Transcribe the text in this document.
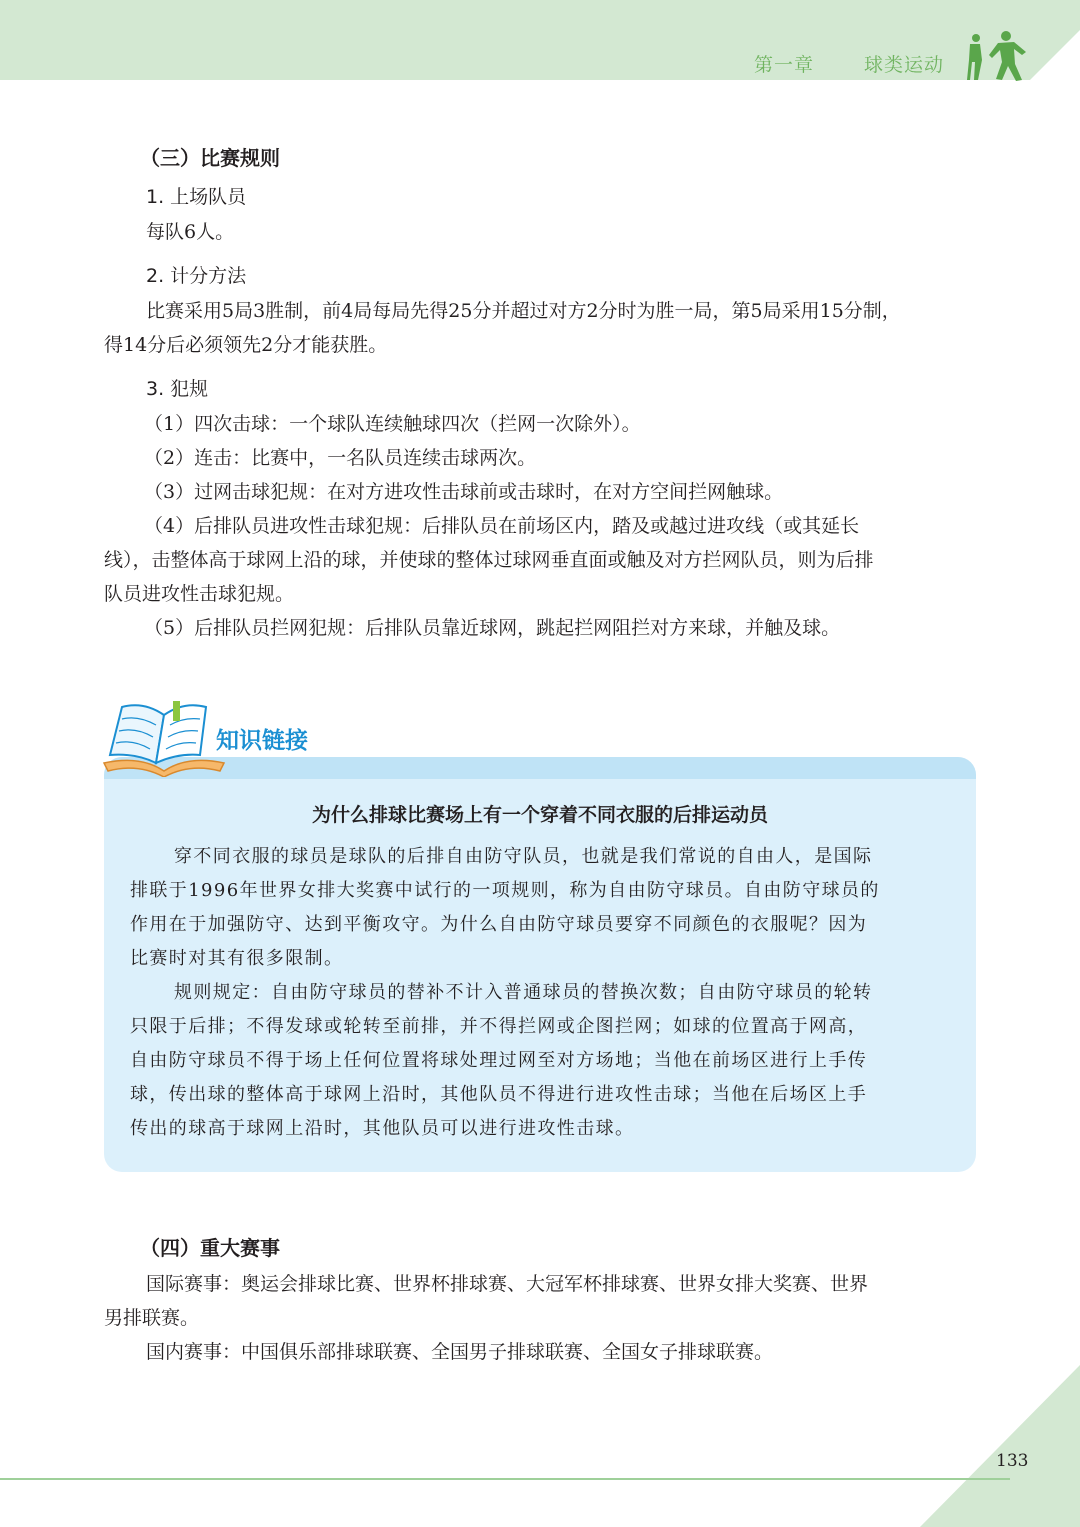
第一章	球类运动
（三）比赛规则
1. 上场队员
每队6人。
2. 计分方法
比赛采用5局3胜制，前4局每局先得25分并超过对方2分时为胜一局，第5局采用15分制，
得14分后必须领先2分才能获胜。
3. 犯规
（1）四次击球：一个球队连续触球四次（拦网一次除外）。
（2）连击：比赛中，一名队员连续击球两次。
（3）过网击球犯规：在对方进攻性击球前或击球时，在对方空间拦网触球。
（4）后排队员进攻性击球犯规：后排队员在前场区内，踏及或越过进攻线（或其延长
线），击整体高于球网上沿的球，并使球的整体过球网垂直面或触及对方拦网队员，则为后排
队员进攻性击球犯规。
（5）后排队员拦网犯规：后排队员靠近球网，跳起拦网阻拦对方来球，并触及球。
知识链接
为什么排球比赛场上有一个穿着不同衣服的后排运动员
穿不同衣服的球员是球队的后排自由防守队员，也就是我们常说的自由人，是国际
排联于1996年世界女排大奖赛中试行的一项规则，称为自由防守球员。自由防守球员的
作用在于加强防守、达到平衡攻守。为什么自由防守球员要穿不同颜色的衣服呢？因为
比赛时对其有很多限制。
规则规定：自由防守球员的替补不计入普通球员的替换次数；自由防守球员的轮转
只限于后排；不得发球或轮转至前排，并不得拦网或企图拦网；如球的位置高于网高，
自由防守球员不得于场上任何位置将球处理过网至对方场地；当他在前场区进行上手传
球，传出球的整体高于球网上沿时，其他队员不得进行进攻性击球；当他在后场区上手
传出的球高于球网上沿时，其他队员可以进行进攻性击球。
（四）重大赛事
国际赛事：奥运会排球比赛、世界杯排球赛、大冠军杯排球赛、世界女排大奖赛、世界
男排联赛。
国内赛事：中国俱乐部排球联赛、全国男子排球联赛、全国女子排球联赛。
133
